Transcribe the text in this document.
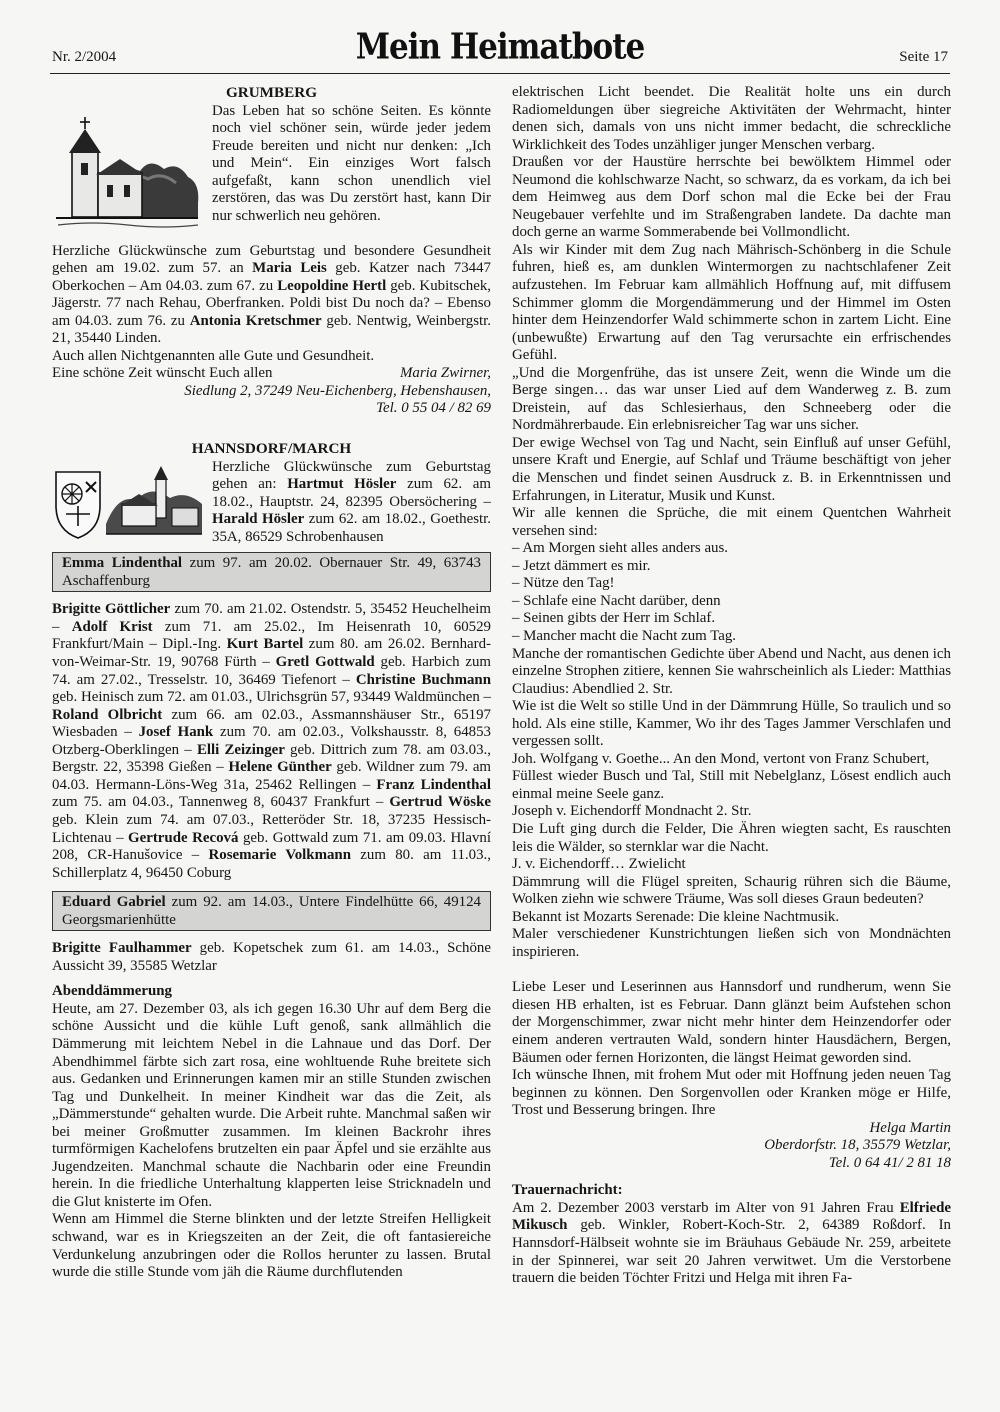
Nr. 2/2004	Mein Heimatbote	Seite 17

GRUMBERG

Das Leben hat so schöne Seiten. Es könnte noch viel schöner sein, würde jeder jedem Freude bereiten und nicht nur denken: „Ich und Mein“. Ein einziges Wort falsch aufgefaßt, kann schon unendlich viel zerstören, das was Du zerstört hast, kann Dir nur schwerlich neu gehören.

Herzliche Glückwünsche zum Geburtstag und besondere Gesundheit gehen am 19.02. zum 57. an Maria Leis geb. Katzer nach 73447 Oberkochen – Am 04.03. zum 67. zu Leopoldine Hertl geb. Kubitschek, Jägerstr. 77 nach Rehau, Oberfranken. Poldi bist Du noch da? – Ebenso am 04.03. zum 76. zu Antonia Kretschmer geb. Nentwig, Weinbergstr. 21, 35440 Linden.

Auch allen Nichtgenannten alle Gute und Gesundheit.

Eine schöne Zeit wünscht Euch allen	Maria Zwirner,

Siedlung 2, 37249 Neu-Eichenberg, Hebenshausen,

Tel. 0 55 04 / 82 69

HANNSDORF/MARCH

Herzliche Glückwünsche zum Geburtstag gehen an: Hartmut Hösler zum 62. am 18.02., Hauptstr. 24, 82395 Obersöchering – Harald Hösler zum 62. am 18.02., Goethestr. 35A, 86529 Schrobenhausen

Emma Lindenthal zum 97. am 20.02. Obernauer Str. 49, 63743 Aschaffenburg

Brigitte Göttlicher zum 70. am 21.02. Ostendstr. 5, 35452 Heuchelheim – Adolf Krist zum 71. am 25.02., Im Heisenrath 10, 60529 Frankfurt/Main – Dipl.-Ing. Kurt Bartel zum 80. am 26.02. Bernhard-von-Weimar-Str. 19, 90768 Fürth – Gretl Gottwald geb. Harbich zum 74. am 27.02., Tresselstr. 10, 36469 Tiefenort – Christine Buchmann geb. Heinisch zum 72. am 01.03., Ulrichsgrün 57, 93449 Waldmünchen – Roland Olbricht zum 66. am 02.03., Assmannshäuser Str., 65197 Wiesbaden – Josef Hank zum 70. am 02.03., Volkshausstr. 8, 64853 Otzberg-Oberklingen – Elli Zeizinger geb. Dittrich zum 78. am 03.03., Bergstr. 22, 35398 Gießen – Helene Günther geb. Wildner zum 79. am 04.03. Hermann-Löns-Weg 31a, 25462 Rellingen – Franz Lindenthal zum 75. am 04.03., Tannenweg 8, 60437 Frankfurt – Gertrud Wöske geb. Klein zum 74. am 07.03., Retteröder Str. 18, 37235 Hessisch-Lichtenau – Gertrude Recová geb. Gottwald zum 71. am 09.03. Hlavní 208, CR-Hanušovice – Rosemarie Volkmann zum 80. am 11.03., Schillerplatz 4, 96450 Coburg

Eduard Gabriel zum 92. am 14.03., Untere Findelhütte 66, 49124 Georgsmarienhütte

Brigitte Faulhammer geb. Kopetschek zum 61. am 14.03., Schöne Aussicht 39, 35585 Wetzlar

Abenddämmerung

Heute, am 27. Dezember 03, als ich gegen 16.30 Uhr auf dem Berg die schöne Aussicht und die kühle Luft genoß, sank allmählich die Dämmerung mit leichtem Nebel in die Lahnaue und das Dorf. Der Abendhimmel färbte sich zart rosa, eine wohltuende Ruhe breitete sich aus. Gedanken und Erinnerungen kamen mir an stille Stunden zwischen Tag und Dunkelheit. In meiner Kindheit war das die Zeit, als „Dämmerstunde“ gehalten wurde. Die Arbeit ruhte. Manchmal saßen wir bei meiner Großmutter zusammen. Im kleinen Backrohr ihres turmförmigen Kachelofens brutzelten ein paar Äpfel und sie erzählte aus Jugendzeiten. Manchmal schaute die Nachbarin oder eine Freundin herein. In die friedliche Unterhaltung klapperten leise Stricknadeln und die Glut knisterte im Ofen.

Wenn am Himmel die Sterne blinkten und der letzte Streifen Helligkeit schwand, war es in Kriegszeiten an der Zeit, die oft fantasiereiche Verdunkelung anzubringen oder die Rollos herunter zu lassen. Brutal wurde die stille Stunde vom jäh die Räume durchflutenden

elektrischen Licht beendet. Die Realität holte uns ein durch Radiomeldungen über siegreiche Aktivitäten der Wehrmacht, hinter denen sich, damals von uns nicht immer bedacht, die schreckliche Wirklichkeit des Todes unzähliger junger Menschen verbarg.

Draußen vor der Haustüre herrschte bei bewölktem Himmel oder Neumond die kohlschwarze Nacht, so schwarz, da es vorkam, da ich bei dem Heimweg aus dem Dorf schon mal die Ecke bei der Frau Neugebauer verfehlte und im Straßengraben landete. Da dachte man doch gerne an warme Sommerabende bei Vollmondlicht.

Als wir Kinder mit dem Zug nach Mährisch-Schönberg in die Schule fuhren, hieß es, am dunklen Wintermorgen zu nachtschlafener Zeit aufzustehen. Im Februar kam allmählich Hoffnung auf, mit diffusem Schimmer glomm die Morgendämmerung und der Himmel im Osten hinter dem Heinzendorfer Wald schimmerte schon in zartem Licht. Eine (unbewußte) Erwartung auf den Tag verursachte ein erfrischendes Gefühl.

„Und die Morgenfrühe, das ist unsere Zeit, wenn die Winde um die Berge singen… das war unser Lied auf dem Wanderweg z. B. zum Dreistein, auf das Schlesierhaus, den Schneeberg oder die Nordmährerbaude. Ein erlebnisreicher Tag war uns sicher.

Der ewige Wechsel von Tag und Nacht, sein Einfluß auf unser Gefühl, unsere Kraft und Energie, auf Schlaf und Träume beschäftigt von jeher die Menschen und findet seinen Ausdruck z. B. in Erkenntnissen und Erfahrungen, in Literatur, Musik und Kunst.

Wir alle kennen die Sprüche, die mit einem Quentchen Wahrheit versehen sind:

– Am Morgen sieht alles anders aus.

– Jetzt dämmert es mir.

– Nütze den Tag!

– Schlafe eine Nacht darüber, denn

– Seinen gibts der Herr im Schlaf.

– Mancher macht die Nacht zum Tag.

Manche der romantischen Gedichte über Abend und Nacht, aus denen ich einzelne Strophen zitiere, kennen Sie wahrscheinlich als Lieder: Matthias Claudius: Abendlied 2. Str.

Wie ist die Welt so stille Und in der Dämmrung Hülle, So traulich und so hold. Als eine stille, Kammer, Wo ihr des Tages Jammer Verschlafen und vergessen sollt.

Joh. Wolfgang v. Goethe... An den Mond, vertont von Franz Schubert,

Füllest wieder Busch und Tal, Still mit Nebelglanz, Lösest endlich auch einmal meine Seele ganz.

Joseph v. Eichendorff Mondnacht 2. Str.

Die Luft ging durch die Felder, Die Ähren wiegten sacht, Es rauschten leis die Wälder, so sternklar war die Nacht.

J. v. Eichendorff… Zwielicht

Dämmrung will die Flügel spreiten, Schaurig rühren sich die Bäume, Wolken ziehn wie schwere Träume, Was soll dieses Graun bedeuten?

Bekannt ist Mozarts Serenade: Die kleine Nachtmusik.

Maler verschiedener Kunstrichtungen ließen sich von Mondnächten inspirieren.

Liebe Leser und Leserinnen aus Hannsdorf und rundherum, wenn Sie diesen HB erhalten, ist es Februar. Dann glänzt beim Aufstehen schon der Morgenschimmer, zwar nicht mehr hinter dem Heinzendorfer oder einem anderen vertrauten Wald, sondern hinter Hausdächern, Bergen, Bäumen oder fernen Horizonten, die längst Heimat geworden sind.

Ich wünsche Ihnen, mit frohem Mut oder mit Hoffnung jeden neuen Tag beginnen zu können. Den Sorgenvollen oder Kranken möge er Hilfe, Trost und Besserung bringen. Ihre

Helga Martin

Oberdorfstr. 18, 35579 Wetzlar,

Tel. 0 64 41/ 2 81 18

Trauernachricht:

Am 2. Dezember 2003 verstarb im Alter von 91 Jahren Frau Elfriede Mikusch geb. Winkler, Robert-Koch-Str. 2, 64389 Roßdorf. In Hannsdorf-Hälbseit wohnte sie im Bräuhaus Gebäude Nr. 259, arbeitete in der Spinnerei, war seit 20 Jahren verwitwet. Um die Verstorbene trauern die beiden Töchter Fritzi und Helga mit ihren Fa-
